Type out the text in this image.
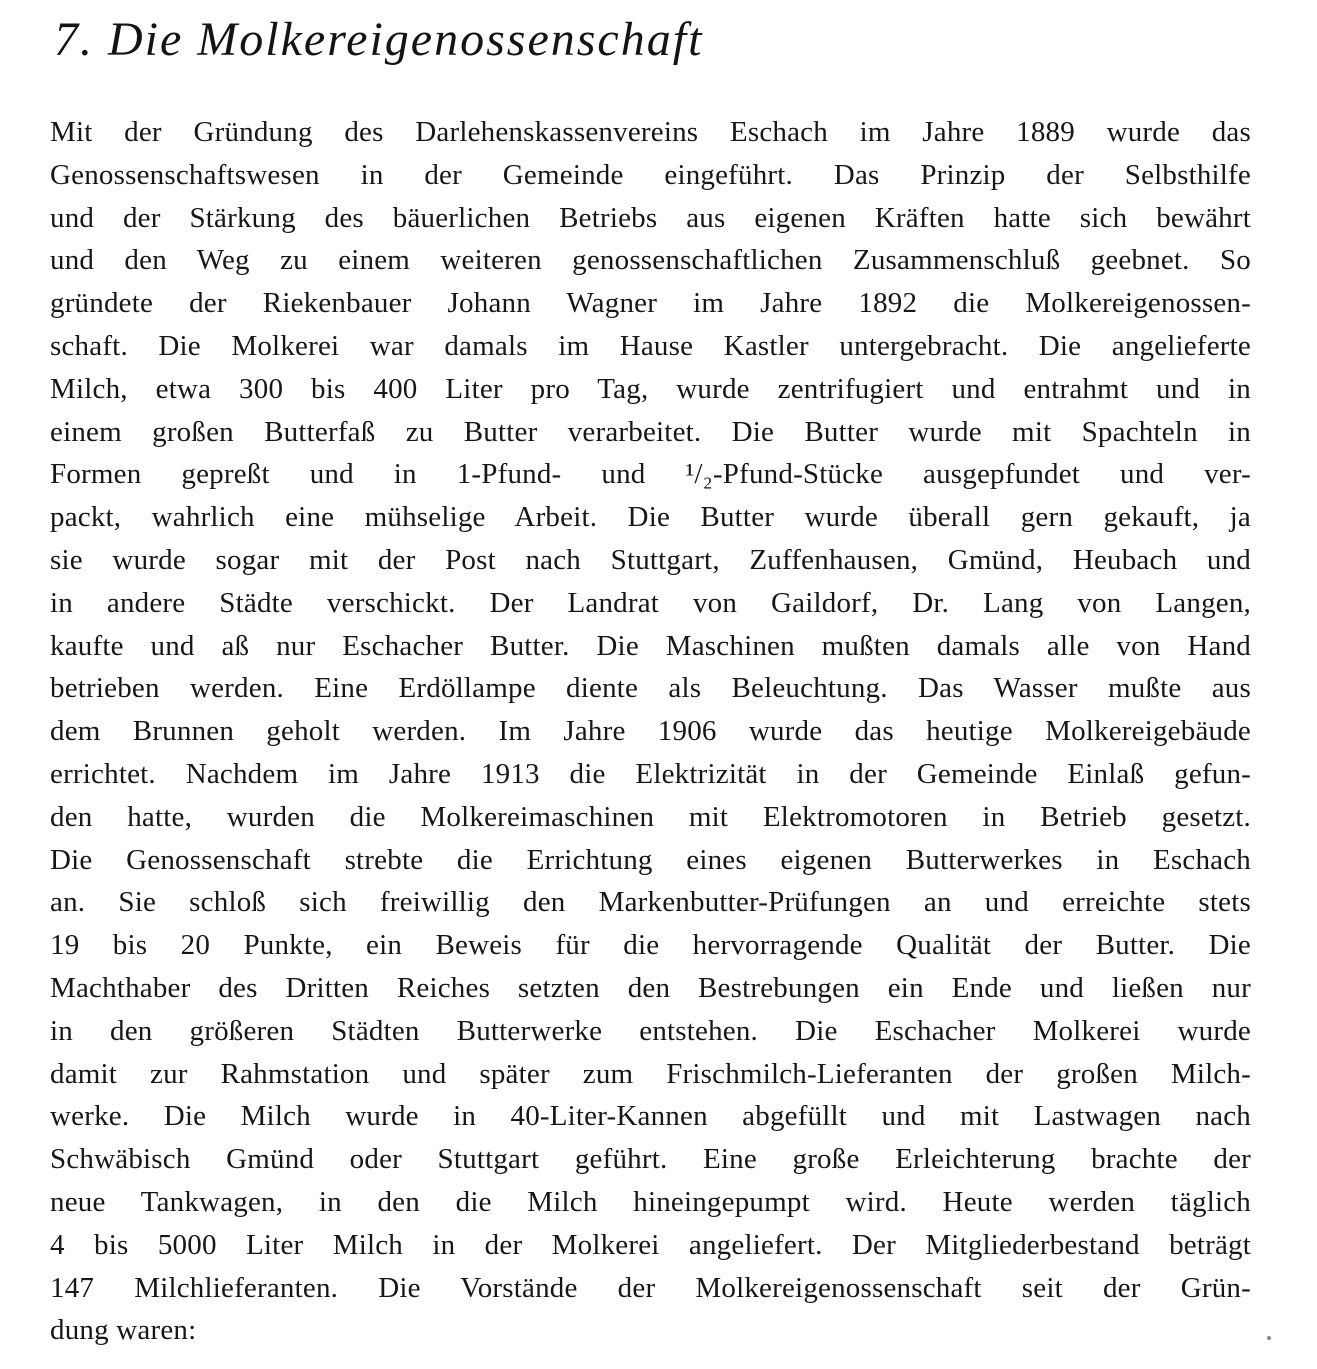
7. Die Molkereigenossenschaft
Mit der Gründung des Darlehenskassenvereins Eschach im Jahre 1889 wurde das
Genossenschaftswesen in der Gemeinde eingeführt. Das Prinzip der Selbsthilfe
und der Stärkung des bäuerlichen Betriebs aus eigenen Kräften hatte sich bewährt
und den Weg zu einem weiteren genossenschaftlichen Zusammenschluß geebnet. So
gründete der Riekenbauer Johann Wagner im Jahre 1892 die Molkereigenossen-
schaft. Die Molkerei war damals im Hause Kastler untergebracht. Die angelieferte
Milch, etwa 300 bis 400 Liter pro Tag, wurde zentrifugiert und entrahmt und in
einem großen Butterfaß zu Butter verarbeitet. Die Butter wurde mit Spachteln in
Formen gepreßt und in 1-Pfund- und ¹/₂-Pfund-Stücke ausgepfundet und ver-
packt, wahrlich eine mühselige Arbeit. Die Butter wurde überall gern gekauft, ja
sie wurde sogar mit der Post nach Stuttgart, Zuffenhausen, Gmünd, Heubach und
in andere Städte verschickt. Der Landrat von Gaildorf, Dr. Lang von Langen,
kaufte und aß nur Eschacher Butter. Die Maschinen mußten damals alle von Hand
betrieben werden. Eine Erdöllampe diente als Beleuchtung. Das Wasser mußte aus
dem Brunnen geholt werden. Im Jahre 1906 wurde das heutige Molkereigebäude
errichtet. Nachdem im Jahre 1913 die Elektrizität in der Gemeinde Einlaß gefun-
den hatte, wurden die Molkereimaschinen mit Elektromotoren in Betrieb gesetzt.
Die Genossenschaft strebte die Errichtung eines eigenen Butterwerkes in Eschach
an. Sie schloß sich freiwillig den Markenbutter-Prüfungen an und erreichte stets
19 bis 20 Punkte, ein Beweis für die hervorragende Qualität der Butter. Die
Machthaber des Dritten Reiches setzten den Bestrebungen ein Ende und ließen nur
in den größeren Städten Butterwerke entstehen. Die Eschacher Molkerei wurde
damit zur Rahmstation und später zum Frischmilch-Lieferanten der großen Milch-
werke. Die Milch wurde in 40-Liter-Kannen abgefüllt und mit Lastwagen nach
Schwäbisch Gmünd oder Stuttgart geführt. Eine große Erleichterung brachte der
neue Tankwagen, in den die Milch hineingepumpt wird. Heute werden täglich
4 bis 5000 Liter Milch in der Molkerei angeliefert. Der Mitgliederbestand beträgt
147 Milchlieferanten. Die Vorstände der Molkereigenossenschaft seit der Grün-
dung waren:
